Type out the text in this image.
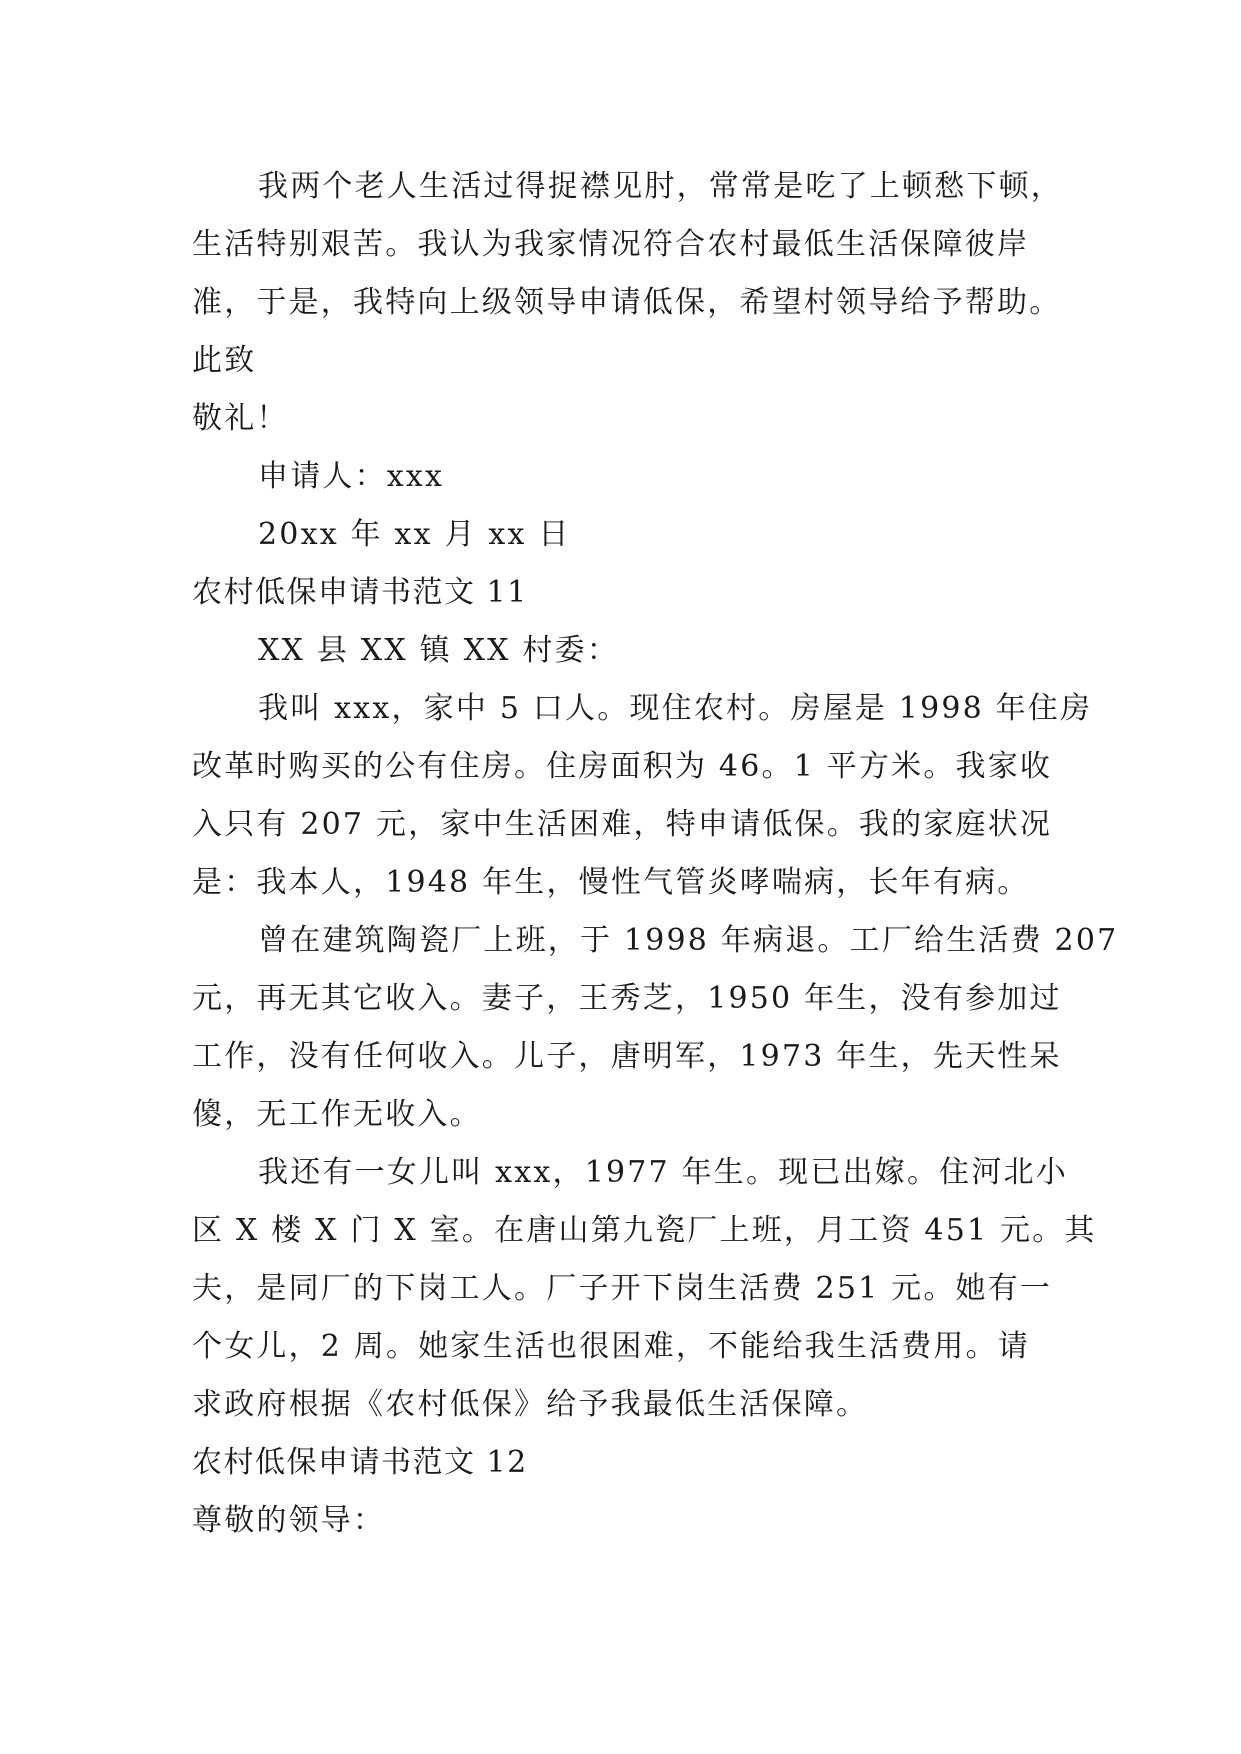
我两个老人生活过得捉襟见肘，常常是吃了上顿愁下顿，
生活特别艰苦。我认为我家情况符合农村最低生活保障彼岸
准，于是，我特向上级领导申请低保，希望村领导给予帮助。
此致
敬礼！
申请人：xxx
20xx 年 xx 月 xx 日
农村低保申请书范文 11
XX 县 XX 镇 XX 村委：
我叫 xxx，家中 5 口人。现住农村。房屋是 1998 年住房
改革时购买的公有住房。住房面积为 46。1 平方米。我家收
入只有 207 元，家中生活困难，特申请低保。我的家庭状况
是：我本人，1948 年生，慢性气管炎哮喘病，长年有病。
曾在建筑陶瓷厂上班，于 1998 年病退。工厂给生活费 207
元，再无其它收入。妻子，王秀芝，1950 年生，没有参加过
工作，没有任何收入。儿子，唐明军，1973 年生，先天性呆
傻，无工作无收入。
我还有一女儿叫 xxx，1977 年生。现已出嫁。住河北小
区 X 楼 X 门 X 室。在唐山第九瓷厂上班，月工资 451 元。其
夫，是同厂的下岗工人。厂子开下岗生活费 251 元。她有一
个女儿，2 周。她家生活也很困难，不能给我生活费用。请
求政府根据《农村低保》给予我最低生活保障。
农村低保申请书范文 12
尊敬的领导：
